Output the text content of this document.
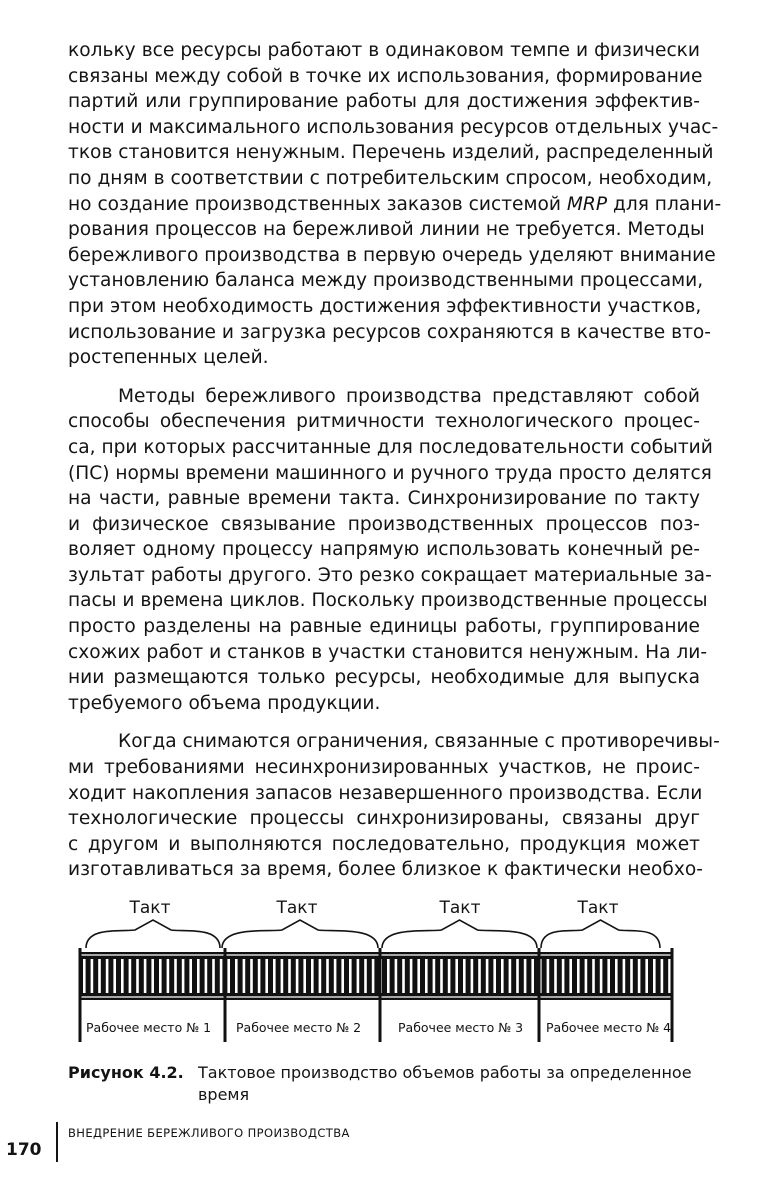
кольку все ресурсы работают в одинаковом темпе и физически

связаны между собой в точке их использования, формирование

партий или группирование работы для достижения эффектив-

ности и максимального использования ресурсов отдельных учас-

тков становится ненужным. Перечень изделий, распределенный

по дням в соответствии с потребительским спросом, необходим,

но создание производственных заказов системой MRP для плани-

рования процессов на бережливой линии не требуется. Методы

бережливого производства в первую очередь уделяют внимание

установлению баланса между производственными процессами,

при этом необходимость достижения эффективности участков,

использование и загрузка ресурсов сохраняются в качестве вто-

ростепенных целей.

Методы бережливого производства представляют собой

способы обеспечения ритмичности технологического процес-

са, при которых рассчитанные для последовательности событий

(ПС) нормы времени машинного и ручного труда просто делятся

на части, равные времени такта. Синхронизирование по такту

и физическое связывание производственных процессов поз-

воляет одному процессу напрямую использовать конечный ре-

зультат работы другого. Это резко сокращает материальные за-

пасы и времена циклов. Поскольку производственные процессы

просто разделены на равные единицы работы, группирование

схожих работ и станков в участки становится ненужным. На ли-

нии размещаются только ресурсы, необходимые для выпуска

требуемого объема продукции.

Когда снимаются ограничения, связанные с противоречивы-

ми требованиями несинхронизированных участков, не проис-

ходит накопления запасов незавершенного производства. Если

технологические процессы синхронизированы, связаны друг

с другом и выполняются последовательно, продукция может

изготавливаться за время, более близкое к фактически необхо-

Такт	Такт	Такт	Такт
Рабочее место № 1 Рабочее место № 2	Рабочее место № 3 Рабочее место № 4
Рисунок 4.2. Тактовое производство объемов работы за определенное время
170
ВНЕДРЕНИЕ БЕРЕЖЛИВОГО ПРОИЗВОДСТВА
